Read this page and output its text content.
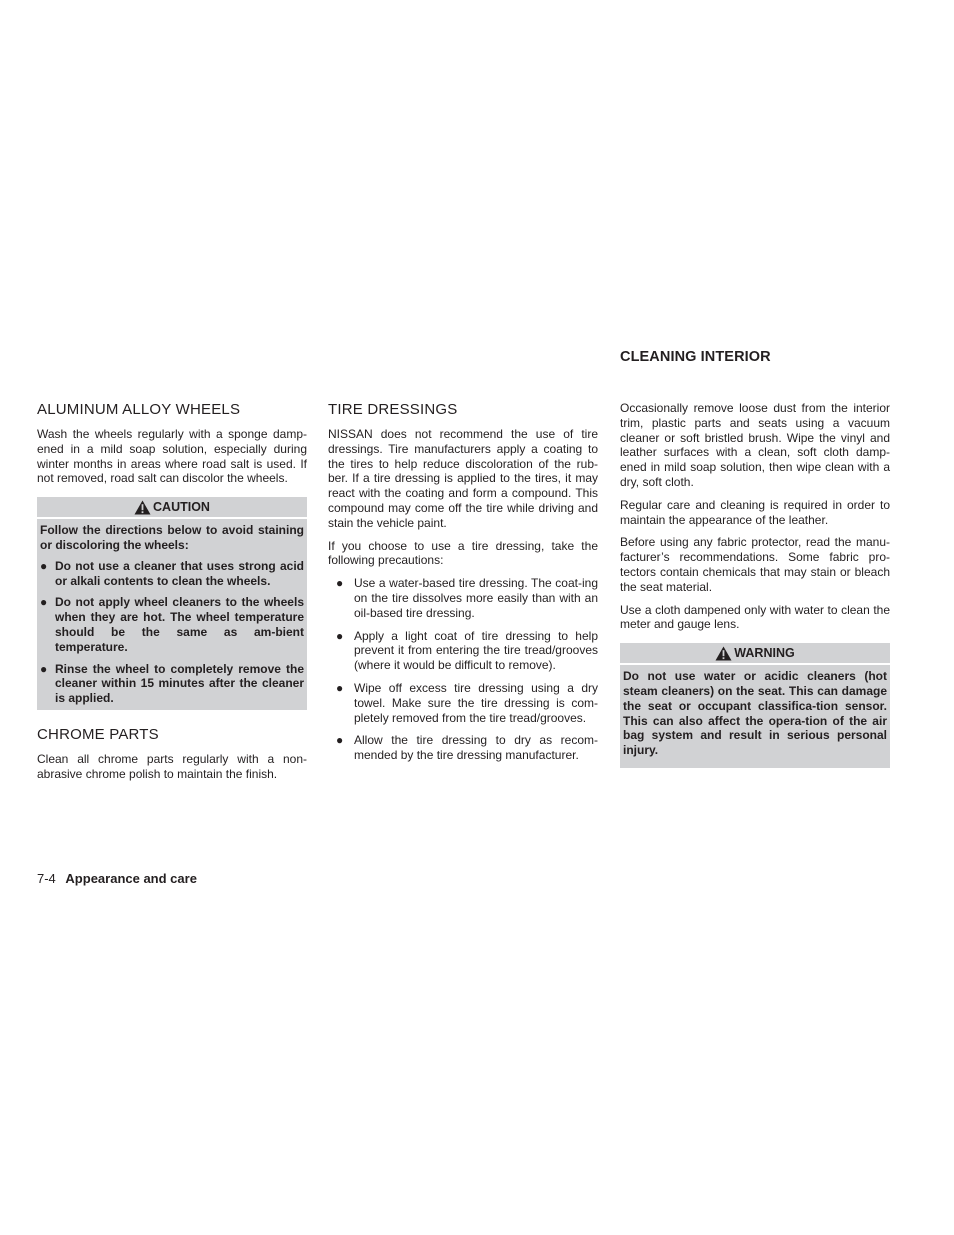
ALUMINUM ALLOY WHEELS

Wash the wheels regularly with a sponge damp-ened in a mild soap solution, especially during winter months in areas where road salt is used. If not removed, road salt can discolor the wheels.

CAUTION

Follow the directions below to avoid staining or discoloring the wheels:

● Do not use a cleaner that uses strong acid or alkali contents to clean the wheels.
● Do not apply wheel cleaners to the wheels when they are hot. The wheel temperature should be the same as am-bient temperature.
● Rinse the wheel to completely remove the cleaner within 15 minutes after the cleaner is applied.
CHROME PARTS

Clean all chrome parts regularly with a non-abrasive chrome polish to maintain the finish.

TIRE DRESSINGS

NISSAN does not recommend the use of tire dressings. Tire manufacturers apply a coating to the tires to help reduce discoloration of the rub-ber. If a tire dressing is applied to the tires, it may react with the coating and form a compound. This compound may come off the tire while driving and stain the vehicle paint.

If you choose to use a tire dressing, take the following precautions:

● Use a water-based tire dressing. The coat-ing on the tire dissolves more easily than with an oil-based tire dressing.
● Apply a light coat of tire dressing to help prevent it from entering the tire tread/grooves (where it would be difficult to remove).
● Wipe off excess tire dressing using a dry towel. Make sure the tire dressing is com-pletely removed from the tire tread/grooves.
● Allow the tire dressing to dry as recom-mended by the tire dressing manufacturer.
CLEANING INTERIOR

Occasionally remove loose dust from the interior trim, plastic parts and seats using a vacuum cleaner or soft bristled brush. Wipe the vinyl and leather surfaces with a clean, soft cloth damp-ened in mild soap solution, then wipe clean with a dry, soft cloth.

Regular care and cleaning is required in order to maintain the appearance of the leather.

Before using any fabric protector, read the manu-facturer’s recommendations. Some fabric pro-tectors contain chemicals that may stain or bleach the seat material.

Use a cloth dampened only with water to clean the meter and gauge lens.

WARNING

Do not use water or acidic cleaners (hot steam cleaners) on the seat. This can damage the seat or occupant classifica-tion sensor. This can also affect the opera-tion of the air bag system and result in serious personal injury.

7-4 Appearance and care
